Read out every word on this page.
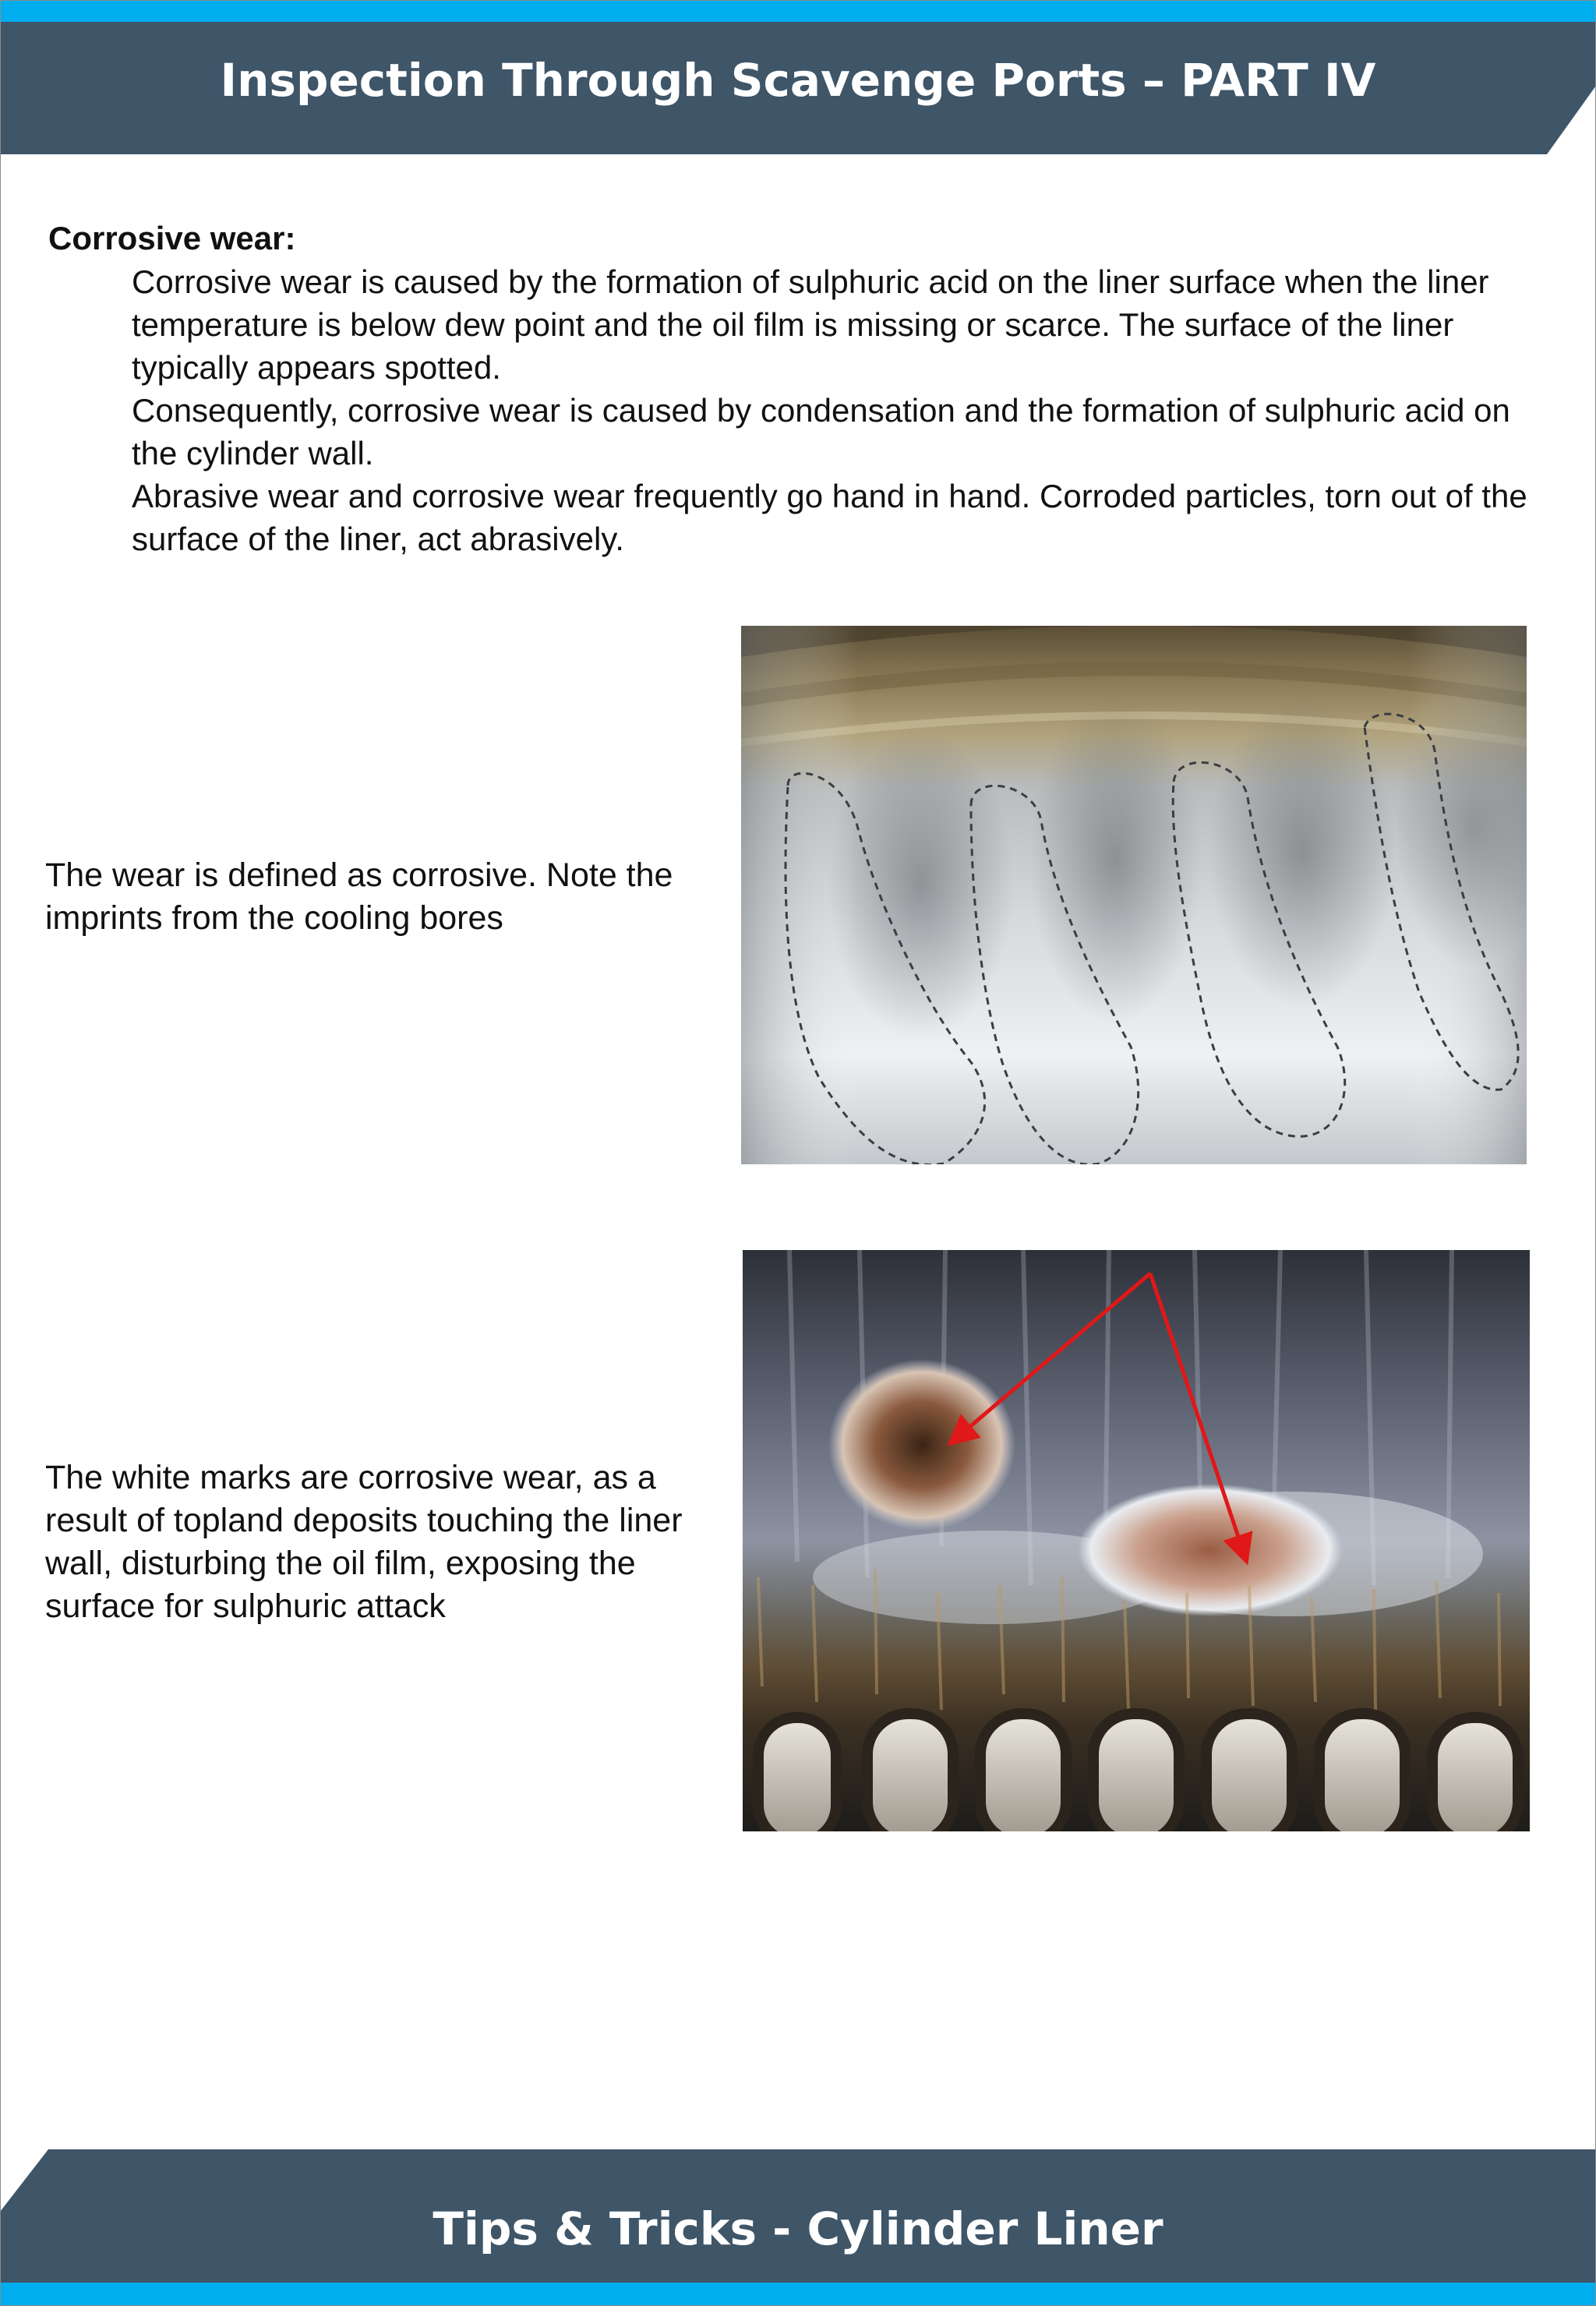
Inspection Through Scavenge Ports – PART IV

Corrosive wear:

Corrosive wear is caused by the formation of sulphuric acid on the liner surface when the liner temperature is below dew point and the oil film is missing or scarce. The surface of the liner typically appears spotted.

Consequently, corrosive wear is caused by condensation and the formation of sulphuric acid on the cylinder wall.

Abrasive wear and corrosive wear frequently go hand in hand. Corroded particles, torn out of the surface of the liner, act abrasively.

The wear is defined as corrosive. Note the imprints from the cooling bores
The white marks are corrosive wear, as a result of topland deposits touching the liner wall, disturbing the oil film, exposing the surface for sulphuric attack
Tips & Tricks - Cylinder Liner
